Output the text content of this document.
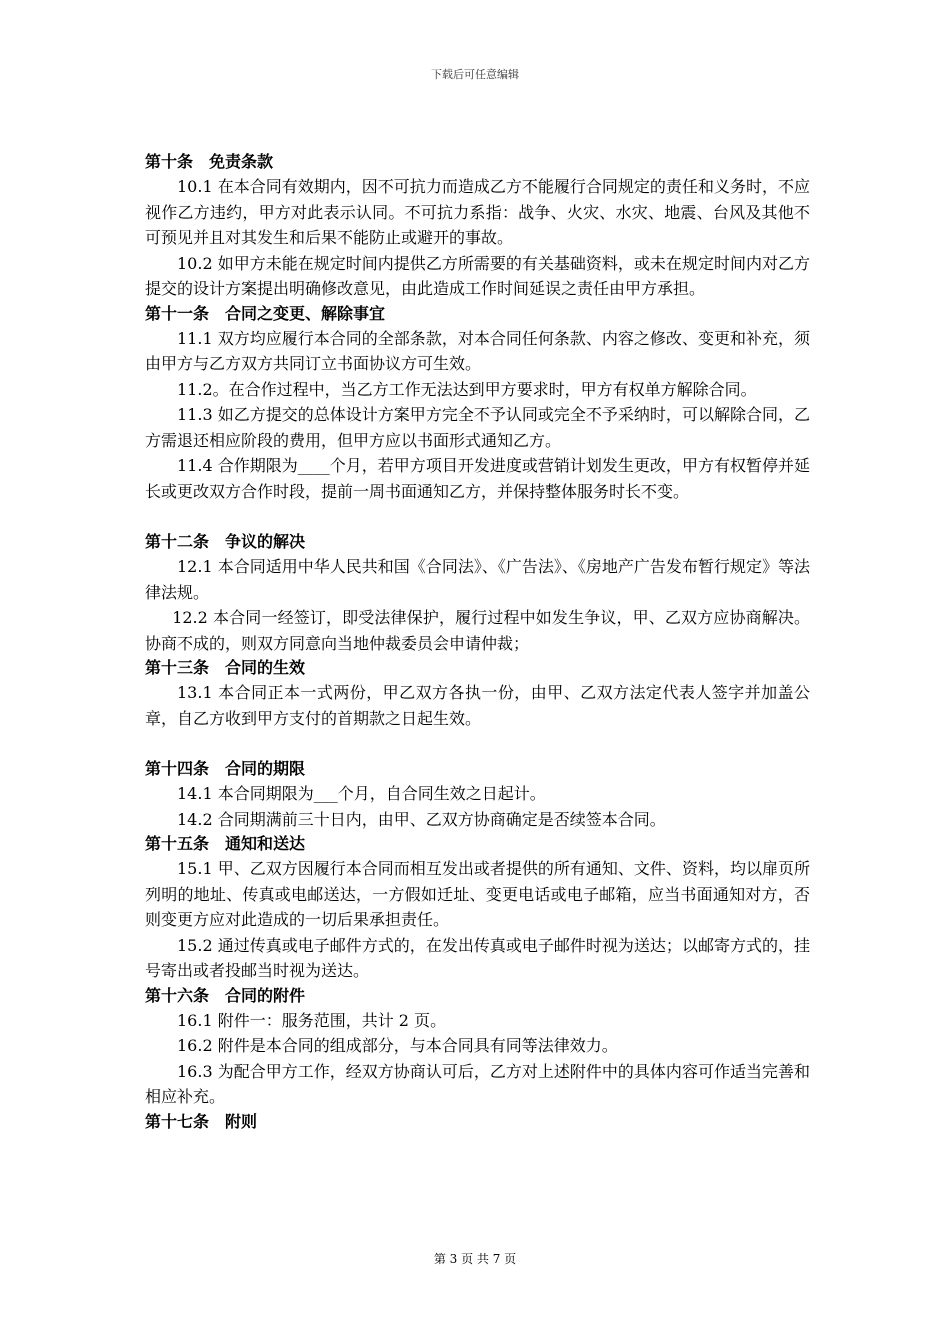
下载后可任意编辑
第十条　免责条款

10.1 在本合同有效期内，因不可抗力而造成乙方不能履行合同规定的责任和义务时，不应视作乙方违约，甲方对此表示认同。不可抗力系指：战争、火灾、水灾、地震、台风及其他不可预见并且对其发生和后果不能防止或避开的事故。

10.2 如甲方未能在规定时间内提供乙方所需要的有关基础资料，或未在规定时间内对乙方提交的设计方案提出明确修改意见，由此造成工作时间延误之责任由甲方承担。

第十一条　合同之变更、解除事宜

11.1 双方均应履行本合同的全部条款，对本合同任何条款、内容之修改、变更和补充，须由甲方与乙方双方共同订立书面协议方可生效。

11.2。在合作过程中，当乙方工作无法达到甲方要求时，甲方有权单方解除合同。

11.3 如乙方提交的总体设计方案甲方完全不予认同或完全不予采纳时，可以解除合同，乙方需退还相应阶段的费用，但甲方应以书面形式通知乙方。

11.4 合作期限为____个月，若甲方项目开发进度或营销计划发生更改，甲方有权暂停并延长或更改双方合作时段，提前一周书面通知乙方，并保持整体服务时长不变。

第十二条　争议的解决

12.1 本合同适用中华人民共和国《合同法》、《广告法》、《房地产广告发布暂行规定》等法律法规。

12.2 本合同一经签订，即受法律保护，履行过程中如发生争议，甲、乙双方应协商解决。协商不成的，则双方同意向当地仲裁委员会申请仲裁；

第十三条　合同的生效

13.1 本合同正本一式两份，甲乙双方各执一份，由甲、乙双方法定代表人签字并加盖公章，自乙方收到甲方支付的首期款之日起生效。

第十四条　合同的期限

14.1 本合同期限为___个月，自合同生效之日起计。

14.2 合同期满前三十日内，由甲、乙双方协商确定是否续签本合同。

第十五条　通知和送达

15.1 甲、乙双方因履行本合同而相互发出或者提供的所有通知、文件、资料，均以扉页所列明的地址、传真或电邮送达，一方假如迁址、变更电话或电子邮箱，应当书面通知对方，否则变更方应对此造成的一切后果承担责任。

15.2 通过传真或电子邮件方式的，在发出传真或电子邮件时视为送达；以邮寄方式的，挂号寄出或者投邮当时视为送达。

第十六条　合同的附件

16.1 附件一：服务范围，共计 2 页。

16.2 附件是本合同的组成部分，与本合同具有同等法律效力。

16.3 为配合甲方工作，经双方协商认可后，乙方对上述附件中的具体内容可作适当完善和相应补充。

第十七条　附则
第 3 页 共 7 页
